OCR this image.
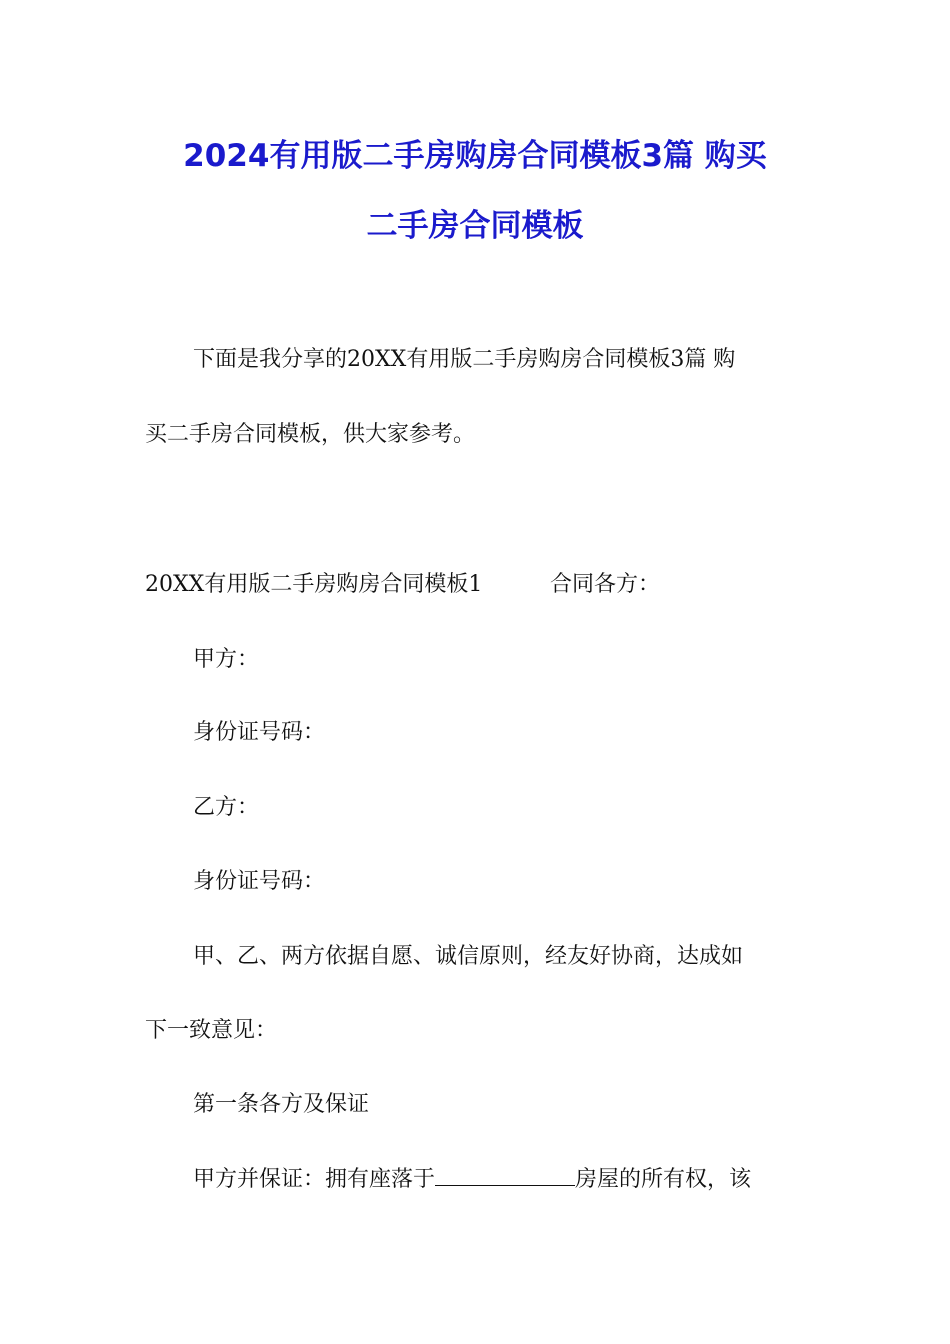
2024有用版二手房购房合同模板3篇 购买
二手房合同模板
下面是我分享的20XX有用版二手房购房合同模板3篇 购
买二手房合同模板，供大家参考。
20XX有用版二手房购房合同模板1	合同各方：
甲方：
身份证号码：
乙方：
身份证号码：
甲、乙、两方依据自愿、诚信原则，经友好协商，达成如
下一致意见：
第一条各方及保证
甲方并保证：拥有座落于	房屋的所有权，该
